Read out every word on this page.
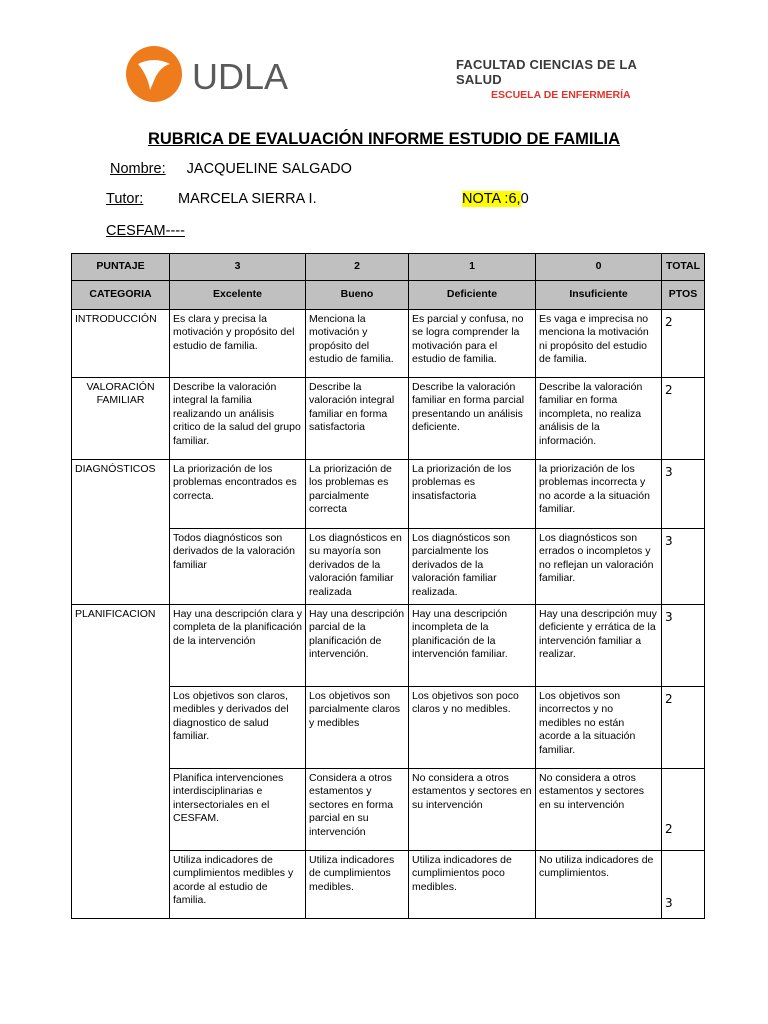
UDLA	FACULTAD CIENCIAS DE LA SALUD
ESCUELA DE ENFERMERÍA
RUBRICA DE EVALUACIÓN INFORME ESTUDIO DE FAMILIA
Nombre: JACQUELINE SALGADO
Tutor: MARCELA SIERRA I.	NOTA :6,0
CESFAM----
PUNTAJE	3	2	1	0	TOTAL
CATEGORIA	Excelente	Bueno	Deficiente	Insuficiente	PTOS
INTRODUCCIÓN	Es clara y precisa la motivación y propósito del estudio de familia.	Menciona la motivación y propósito del estudio de familia.	Es parcial y confusa, no se logra comprender la motivación para el estudio de familia.	Es vaga e imprecisa no menciona la motivación ni propósito del estudio de familia.	2
VALORACIÓN FAMILIAR	Describe la valoración integral la familia realizando un análisis critico de la salud del grupo familiar.	Describe la valoración integral familiar en forma satisfactoria	Describe la valoración familiar en forma parcial presentando un análisis deficiente.	Describe la valoración familiar en forma incompleta, no realiza análisis de la información.	2
DIAGNÓSTICOS	La priorización de los problemas encontrados es correcta.	La priorización de los problemas es parcialmente correcta	La priorización de los problemas es insatisfactoria	la priorización de los problemas incorrecta y no acorde a la situación familiar.	3
	Todos diagnósticos son derivados de la valoración familiar	Los diagnósticos en su mayoría son derivados de la valoración familiar realizada	Los diagnósticos son parcialmente los derivados de la valoración familiar realizada.	Los diagnósticos son errados o incompletos y no reflejan un valoración familiar.	3
PLANIFICACION	Hay una descripción clara y completa de la planificación de la intervención	Hay una descripción parcial de la planificación de intervención.	Hay una descripción incompleta de la planificación de la intervención familiar.	Hay una descripción muy deficiente y errática de la intervención familiar a realizar.	3
	Los objetivos son claros, medibles y derivados del diagnostico de salud familiar.	Los objetivos son parcialmente claros y medibles	Los objetivos son poco claros y no medibles.	Los objetivos son incorrectos y no medibles no están acorde a la situación familiar.	2
	Planifica intervenciones interdisciplinarias e intersectoriales en el CESFAM.	Considera a otros estamentos y sectores en forma parcial en su intervención	No considera a otros estamentos y sectores en su intervención	No considera a otros estamentos y sectores en su intervención	2
	Utiliza indicadores de cumplimientos medibles y acorde al estudio de familia.	Utiliza indicadores de cumplimientos medibles.	Utiliza indicadores de cumplimientos poco medibles.	No utiliza indicadores de cumplimientos.	3
